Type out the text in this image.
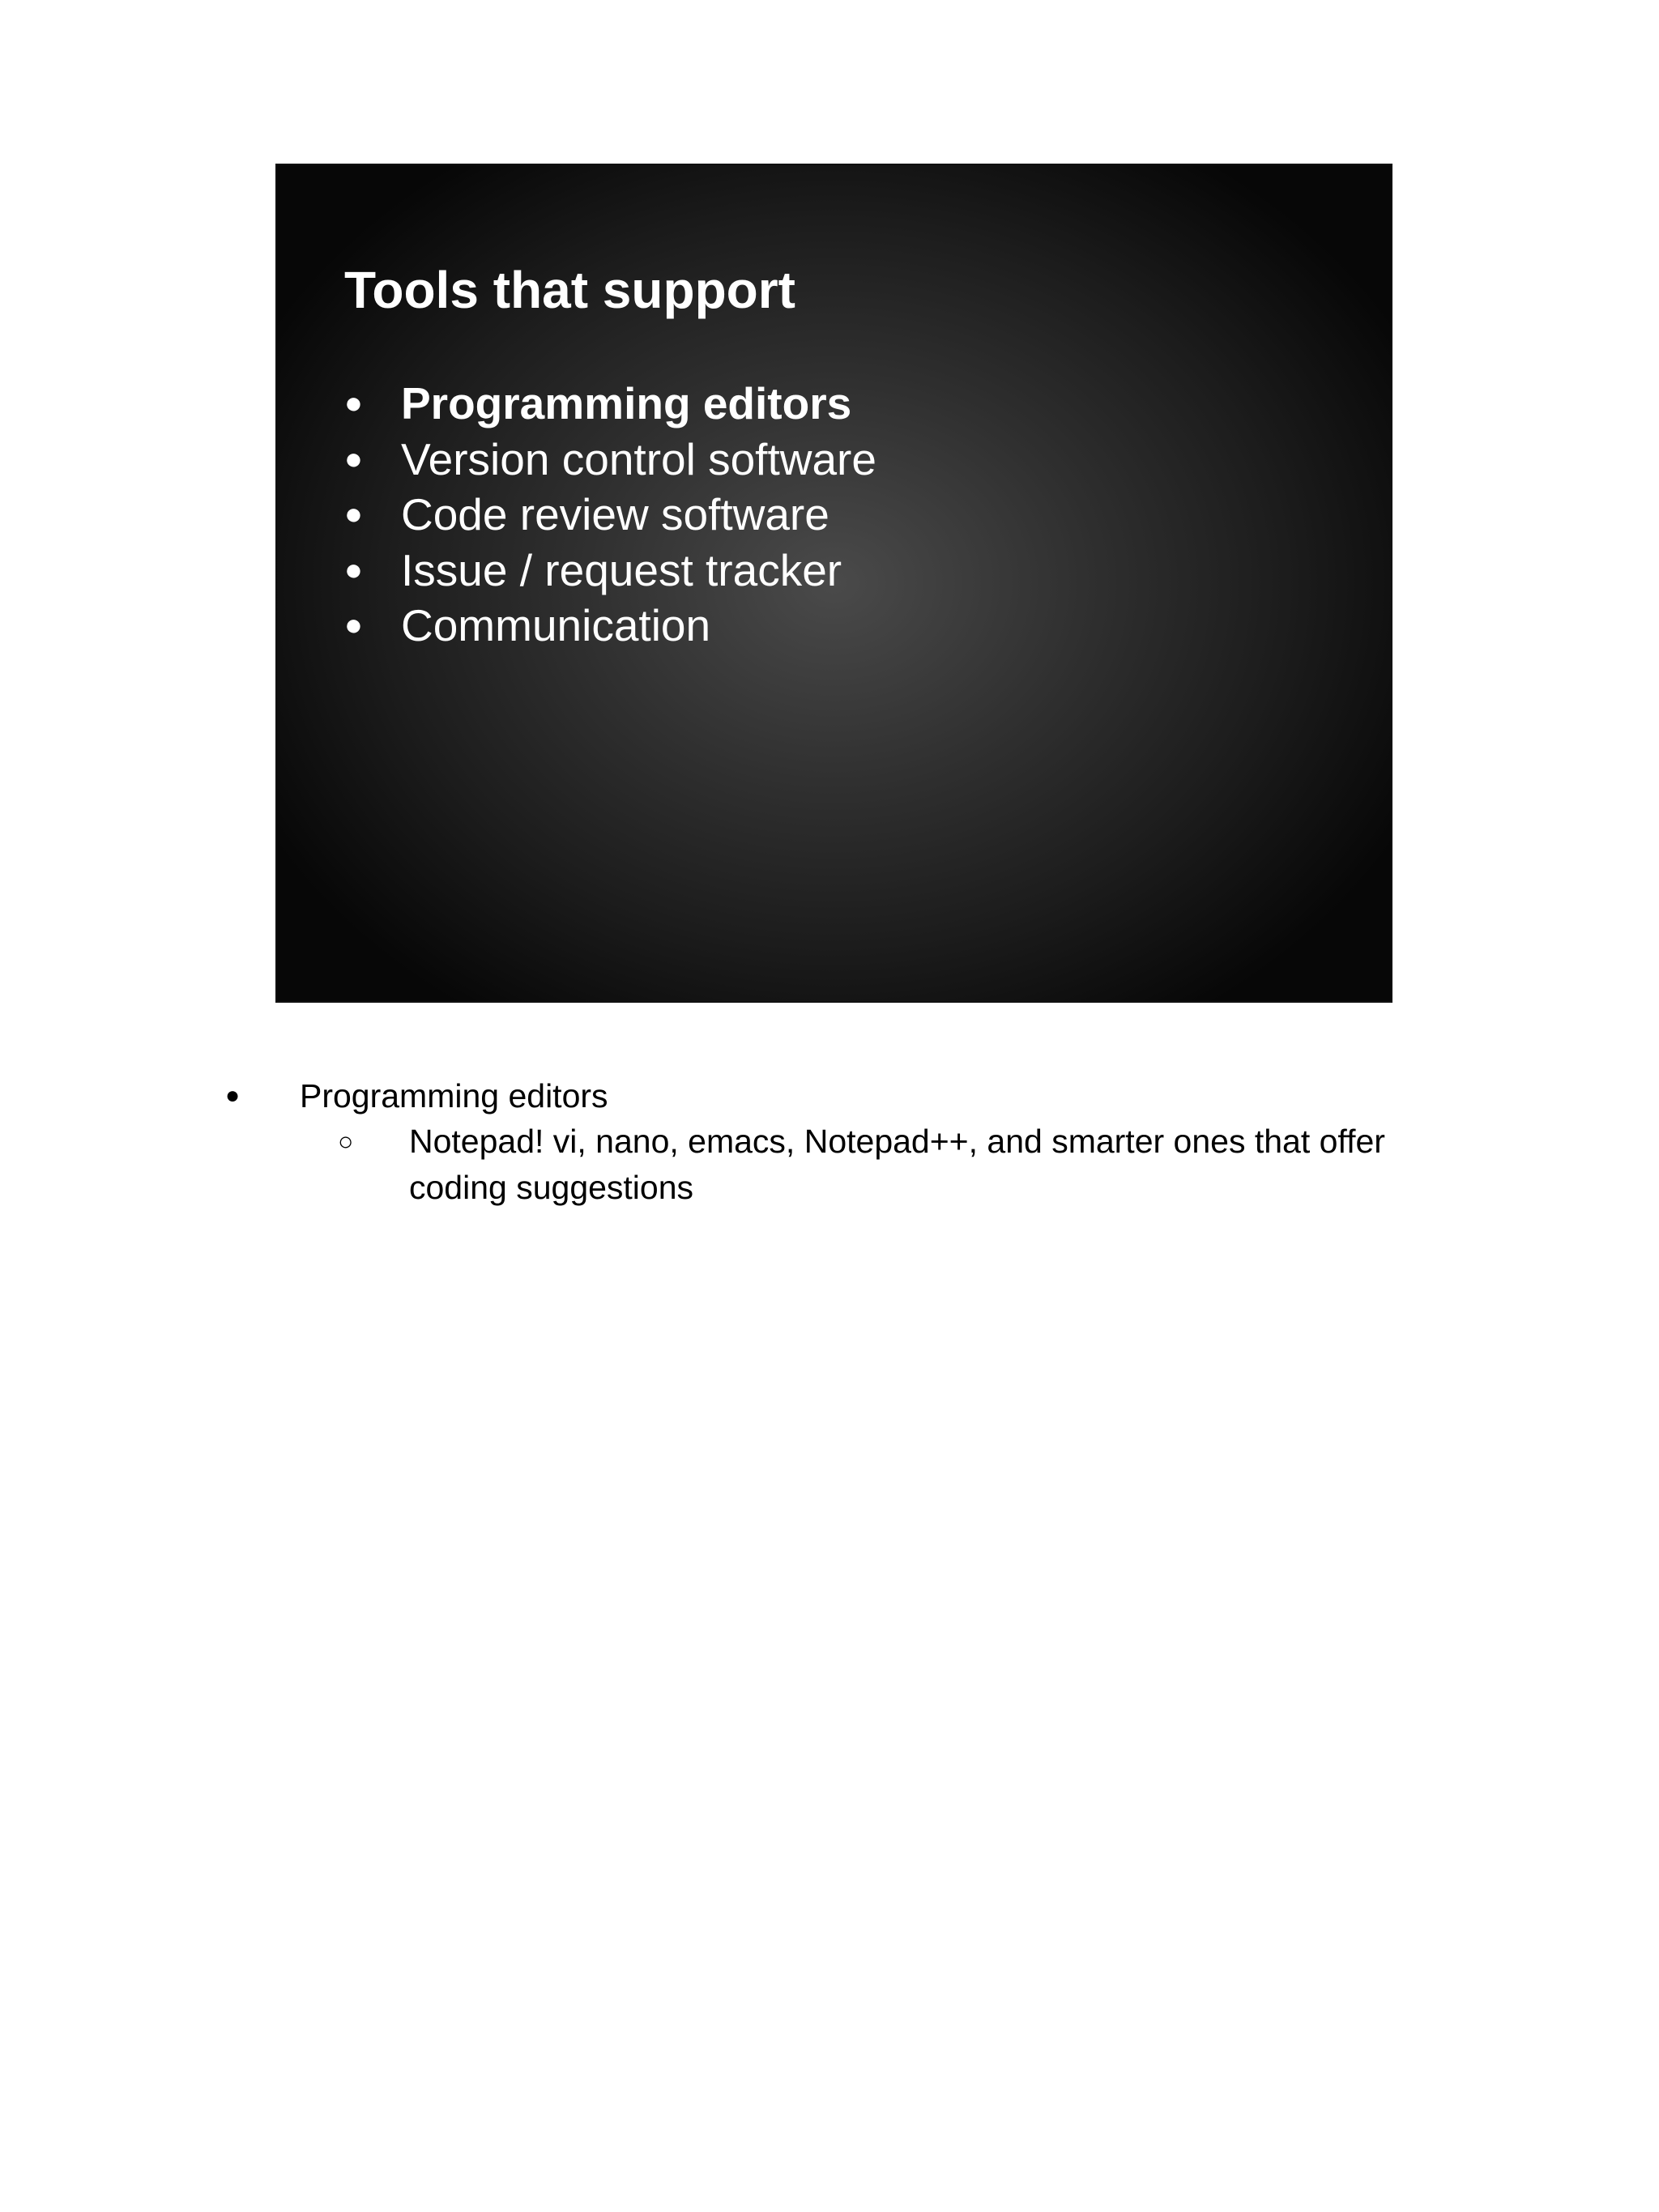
Tools that support
● Programming editors
● Version control software
● Code review software
● Issue / request tracker
● Communication
● Programming editors
○ Notepad! vi, nano, emacs, Notepad++, and smarter ones that offer coding suggestions
